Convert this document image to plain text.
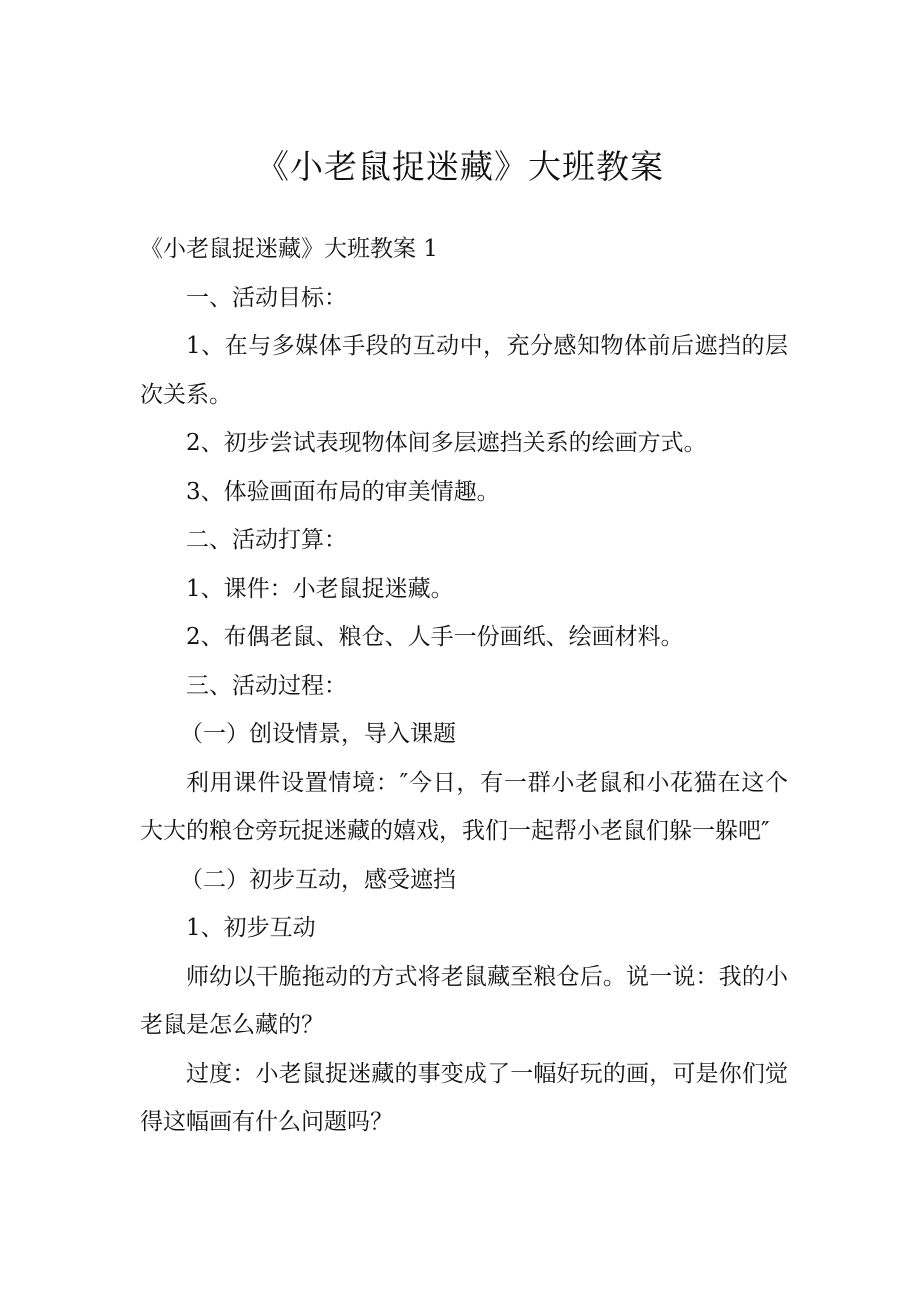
《小老鼠捉迷藏》大班教案

《小老鼠捉迷藏》大班教案 1

一、活动目标：

1、在与多媒体手段的互动中，充分感知物体前后遮挡的层次关系。

2、初步尝试表现物体间多层遮挡关系的绘画方式。

3、体验画面布局的审美情趣。

二、活动打算：

1、课件：小老鼠捉迷藏。

2、布偶老鼠、粮仓、人手一份画纸、绘画材料。

三、活动过程：

（一）创设情景，导入课题

利用课件设置情境：″今日，有一群小老鼠和小花猫在这个大大的粮仓旁玩捉迷藏的嬉戏，我们一起帮小老鼠们躲一躲吧″

（二）初步互动，感受遮挡

1、初步互动

师幼以干脆拖动的方式将老鼠藏至粮仓后。说一说：我的小老鼠是怎么藏的？

过度：小老鼠捉迷藏的事变成了一幅好玩的画，可是你们觉得这幅画有什么问题吗？
